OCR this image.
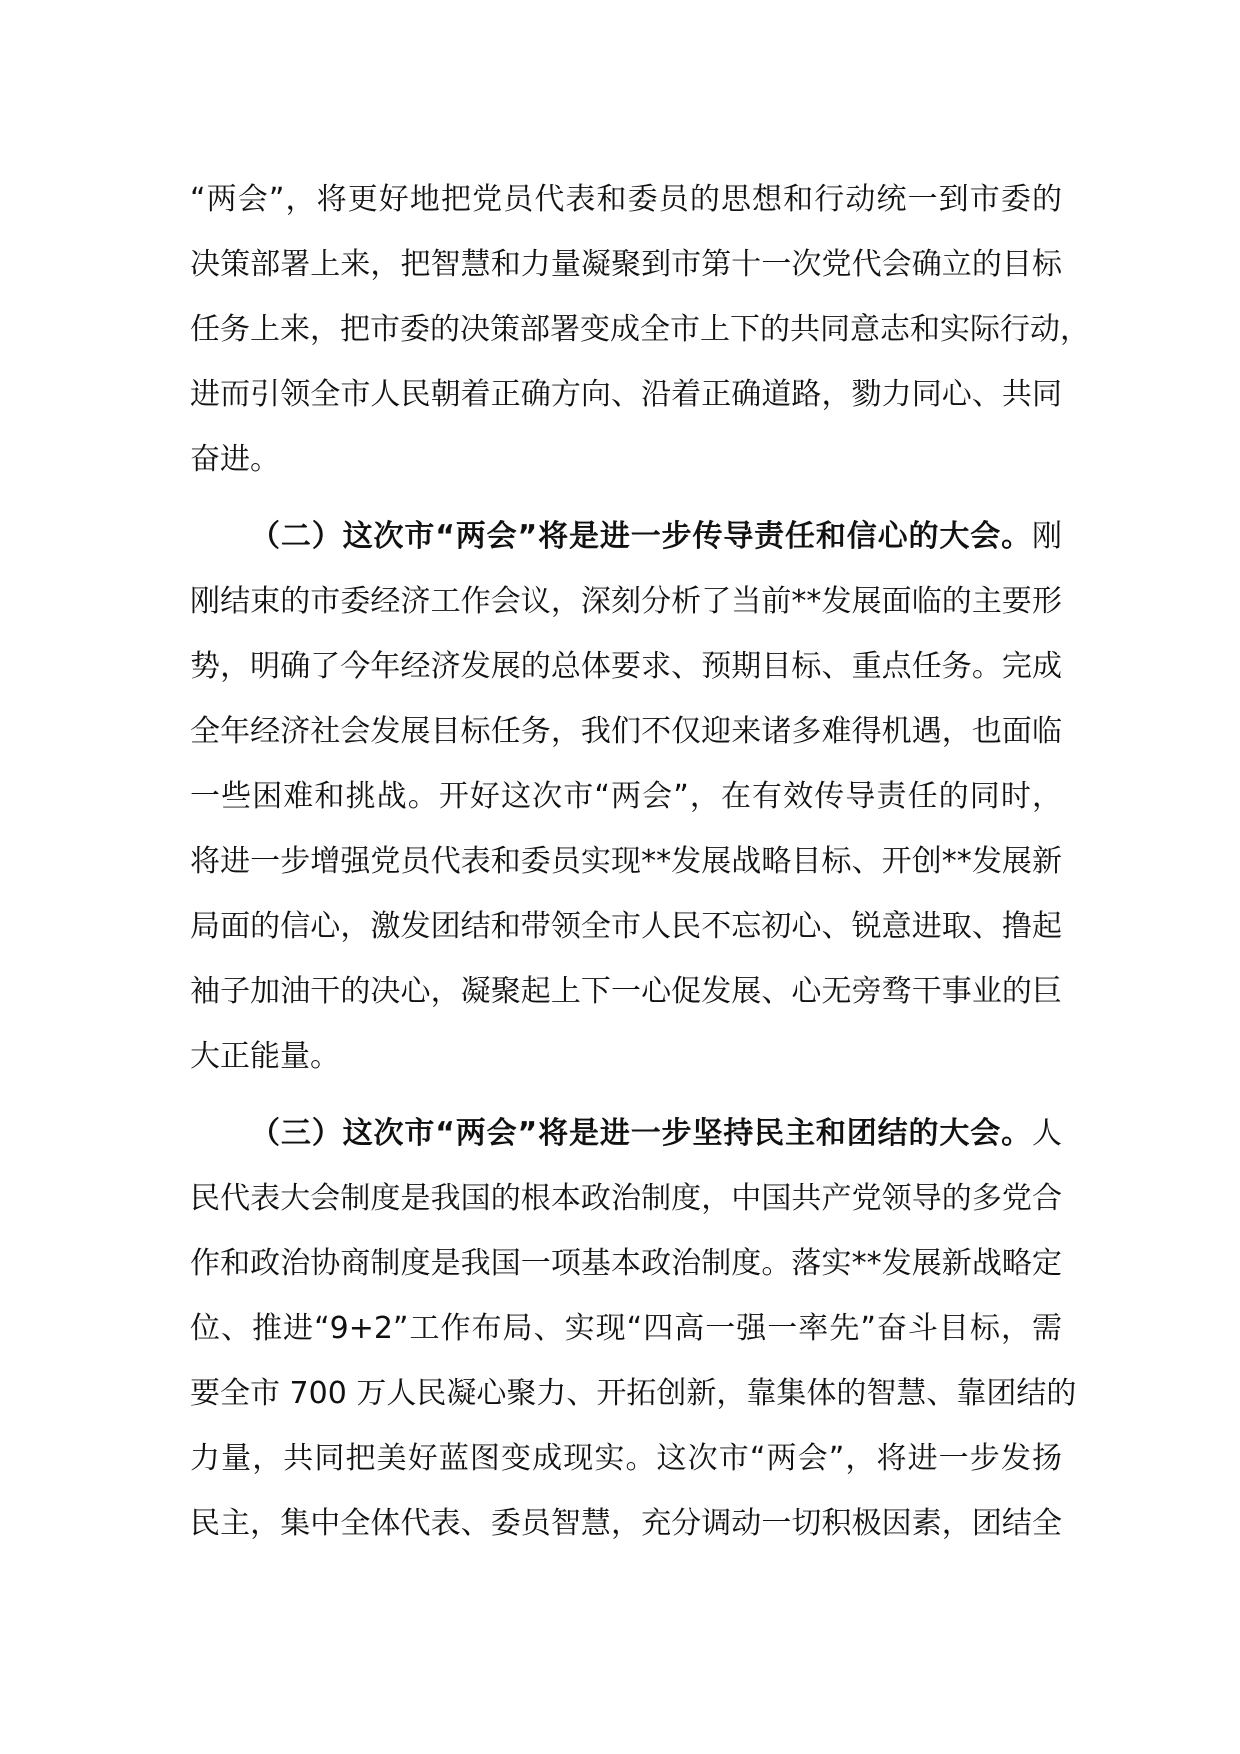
“两会”，将更好地把党员代表和委员的思想和行动统一到市委的
决策部署上来，把智慧和力量凝聚到市第十一次党代会确立的目标
任务上来，把市委的决策部署变成全市上下的共同意志和实际行动，
进而引领全市人民朝着正确方向、沿着正确道路，勠力同心、共同
奋进。
（二）这次市“两会”将是进一步传导责任和信心的大会。刚
刚结束的市委经济工作会议，深刻分析了当前**发展面临的主要形
势，明确了今年经济发展的总体要求、预期目标、重点任务。完成
全年经济社会发展目标任务，我们不仅迎来诸多难得机遇，也面临
一些困难和挑战。开好这次市“两会”，在有效传导责任的同时，
将进一步增强党员代表和委员实现**发展战略目标、开创**发展新
局面的信心，激发团结和带领全市人民不忘初心、锐意进取、撸起
袖子加油干的决心，凝聚起上下一心促发展、心无旁骛干事业的巨
大正能量。
（三）这次市“两会”将是进一步坚持民主和团结的大会。人
民代表大会制度是我国的根本政治制度，中国共产党领导的多党合
作和政治协商制度是我国一项基本政治制度。落实**发展新战略定
位、推进“9+2”工作布局、实现“四高一强一率先”奋斗目标，需
要全市 700 万人民凝心聚力、开拓创新，靠集体的智慧、靠团结的
力量，共同把美好蓝图变成现实。这次市“两会”，将进一步发扬
民主，集中全体代表、委员智慧，充分调动一切积极因素，团结全
